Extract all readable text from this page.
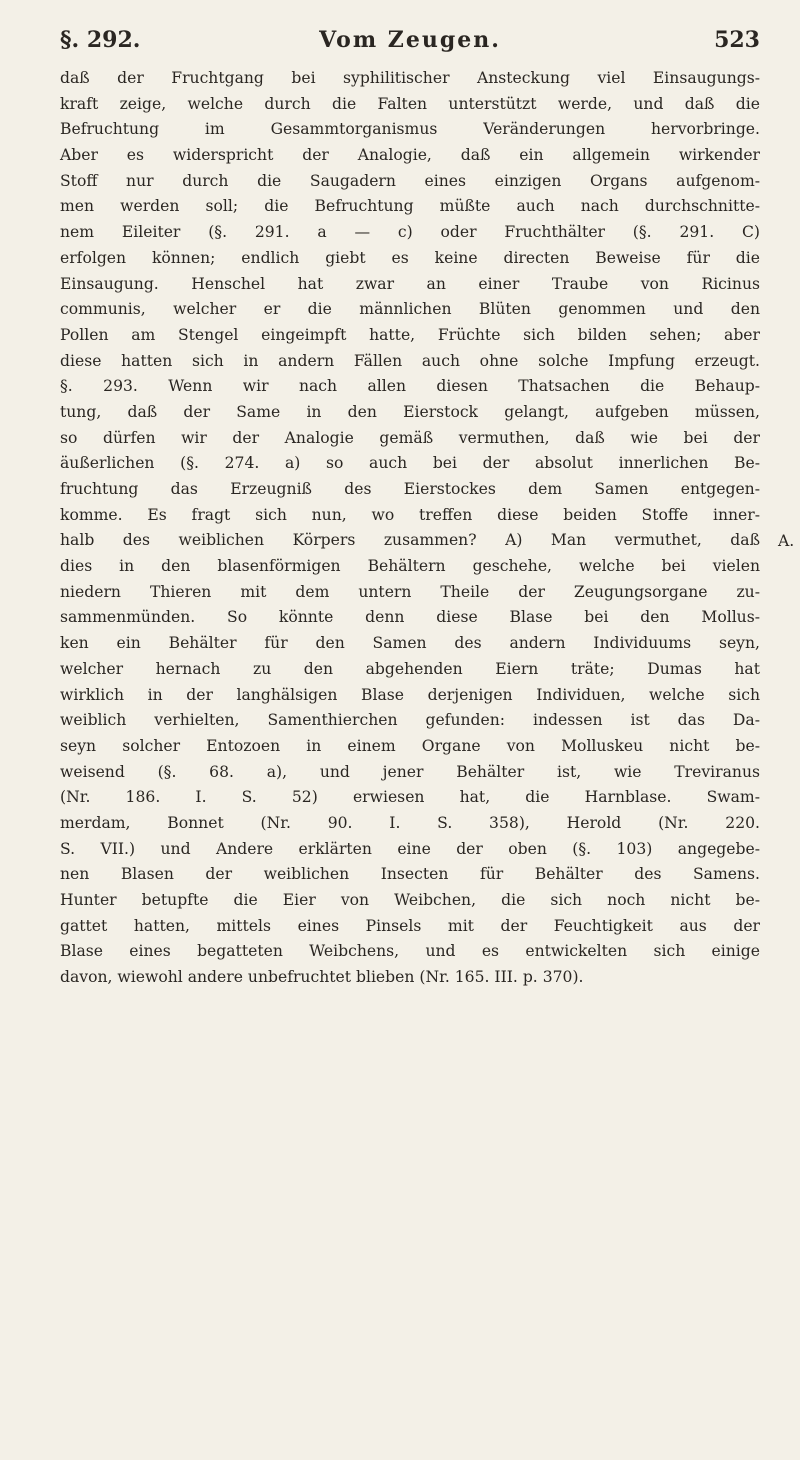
§. 292.	Vom Zeugen.	523
daß der Fruchtgang bei syphilitischer Ansteckung viel Einsaugungs-
kraft zeige, welche durch die Falten unterstützt werde, und daß die
Befruchtung im Gesammtorganismus Veränderungen hervorbringe.
Aber es widerspricht der Analogie, daß ein allgemein wirkender
Stoff nur durch die Saugadern eines einzigen Organs aufgenom-
men werden soll; die Befruchtung müßte auch nach durchschnitte-
nem Eileiter (§. 291. a — c) oder Fruchthälter (§. 291. C)
erfolgen können; endlich giebt es keine directen Beweise für die
Einsaugung. Henschel hat zwar an einer Traube von Ricinus
communis, welcher er die männlichen Blüten genommen und den
Pollen am Stengel eingeimpft hatte, Früchte sich bilden sehen; aber
diese hatten sich in andern Fällen auch ohne solche Impfung erzeugt.
§. 293. Wenn wir nach allen diesen Thatsachen die Behaup-
tung, daß der Same in den Eierstock gelangt, aufgeben müssen,
so dürfen wir der Analogie gemäß vermuthen, daß wie bei der
äußerlichen (§. 274. a) so auch bei der absolut innerlichen Be-
fruchtung das Erzeugniß des Eierstockes dem Samen entgegen-
komme. Es fragt sich nun, wo treffen diese beiden Stoffe inner-
halb des weiblichen Körpers zusammen? A) Man vermuthet, daß A.
dies in den blasenförmigen Behältern geschehe, welche bei vielen
niedern Thieren mit dem untern Theile der Zeugungsorgane zu-
sammenmünden. So könnte denn diese Blase bei den Mollus-
ken ein Behälter für den Samen des andern Individuums seyn,
welcher hernach zu den abgehenden Eiern träte; Dumas hat
wirklich in der langhälsigen Blase derjenigen Individuen, welche sich
weiblich verhielten, Samenthierchen gefunden: indessen ist das Da-
seyn solcher Entozoen in einem Organe von Molluskeu nicht be-
weisend (§. 68. a), und jener Behälter ist, wie Treviranus
(Nr. 186. I. S. 52) erwiesen hat, die Harnblase. Swam-
merdam, Bonnet (Nr. 90. I. S. 358), Herold (Nr. 220.
S. VII.) und Andere erklärten eine der oben (§. 103) angegebe-
nen Blasen der weiblichen Insecten für Behälter des Samens.
Hunter betupfte die Eier von Weibchen, die sich noch nicht be-
gattet hatten, mittels eines Pinsels mit der Feuchtigkeit aus der
Blase eines begatteten Weibchens, und es entwickelten sich einige
davon, wiewohl andere unbefruchtet blieben (Nr. 165. III. p. 370).
